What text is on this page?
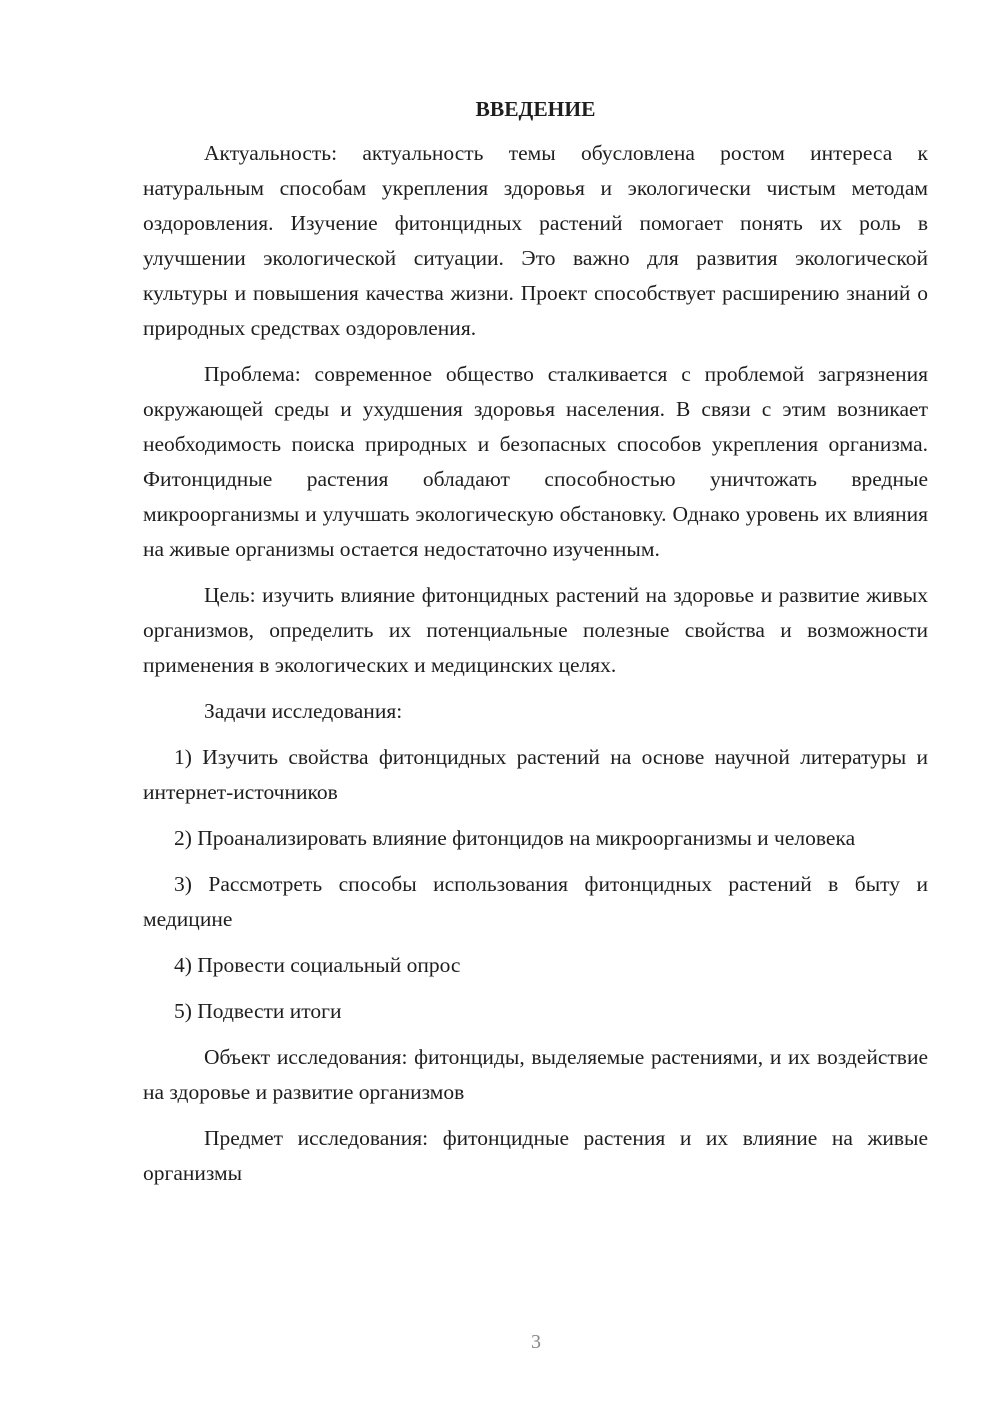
ВВЕДЕНИЕ

Актуальность: актуальность темы обусловлена ростом интереса к натуральным способам укрепления здоровья и экологически чистым методам оздоровления. Изучение фитонцидных растений помогает понять их роль в улучшении экологической ситуации. Это важно для развития экологической культуры и повышения качества жизни. Проект способствует расширению знаний о природных средствах оздоровления.

Проблема: современное общество сталкивается с проблемой загрязнения окружающей среды и ухудшения здоровья населения. В связи с этим возникает необходимость поиска природных и безопасных способов укрепления организма. Фитонцидные растения обладают способностью уничтожать вредные микроорганизмы и улучшать экологическую обстановку. Однако уровень их влияния на живые организмы остается недостаточно изученным.

Цель: изучить влияние фитонцидных растений на здоровье и развитие живых организмов, определить их потенциальные полезные свойства и возможности применения в экологических и медицинских целях.

Задачи исследования:

1) Изучить свойства фитонцидных растений на основе научной литературы и интернет-источников

2) Проанализировать влияние фитонцидов на микроорганизмы и человека

3) Рассмотреть способы использования фитонцидных растений в быту и медицине

4) Провести социальный опрос

5) Подвести итоги

Объект исследования: фитонциды, выделяемые растениями, и их воздействие на здоровье и развитие организмов

Предмет исследования: фитонцидные растения и их влияние на живые организмы

3
